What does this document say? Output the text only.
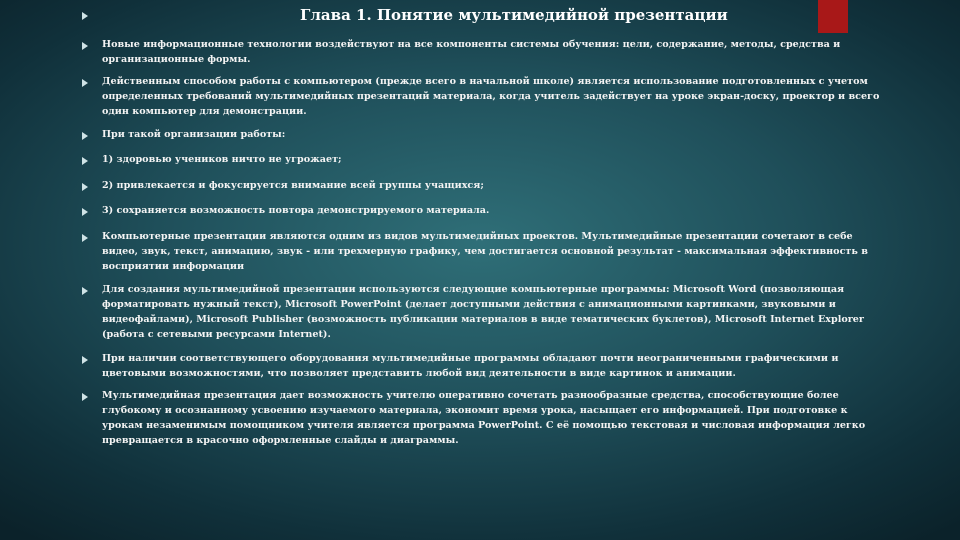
Глава 1. Понятие мультимедийной презентации
Новые информационные технологии воздействуют на все компоненты системы обучения: цели, содержание, методы, средства и организационные формы.
Действенным способом работы с компьютером (прежде всего в начальной школе) является использование подготовленных с учетом определенных требований мультимедийных презентаций материала, когда учитель задействует на уроке экран-доску, проектор и всего один компьютер для демонстрации.
При такой организации работы:
1) здоровью учеников ничто не угрожает;
2) привлекается и фокусируется внимание всей группы учащихся;
3) сохраняется возможность повтора демонстрируемого материала.
Компьютерные презентации являются одним из видов мультимедийных проектов. Мультимедийные презентации сочетают в себе видео, звук, текст, анимацию, звук - или трехмерную графику, чем достигается основной результат - максимальная эффективность в восприятии информации
Для создания мультимедийной презентации используются следующие компьютерные программы: Microsoft Word (позволяющая форматировать нужный текст), Microsoft PowerPoint (делает доступными действия с анимационными картинками, звуковыми и видеофайлами), Microsoft Publisher (возможность публикации материалов в виде тематических буклетов), Microsoft Internet Explorer (работа с сетевыми ресурсами Internet).
При наличии соответствующего оборудования мультимедийные программы обладают почти неограниченными графическими и цветовыми возможностями, что позволяет представить любой вид деятельности в виде картинок и анимации.
Мультимедийная презентация дает возможность учителю оперативно сочетать разнообразные средства, способствующие более глубокому и осознанному усвоению изучаемого материала, экономит время урока, насыщает его информацией. При подготовке к урокам незаменимым помощником учителя является программа PowerPoint. С её помощью текстовая и числовая информация легко превращается в красочно оформленные слайды и диаграммы.
